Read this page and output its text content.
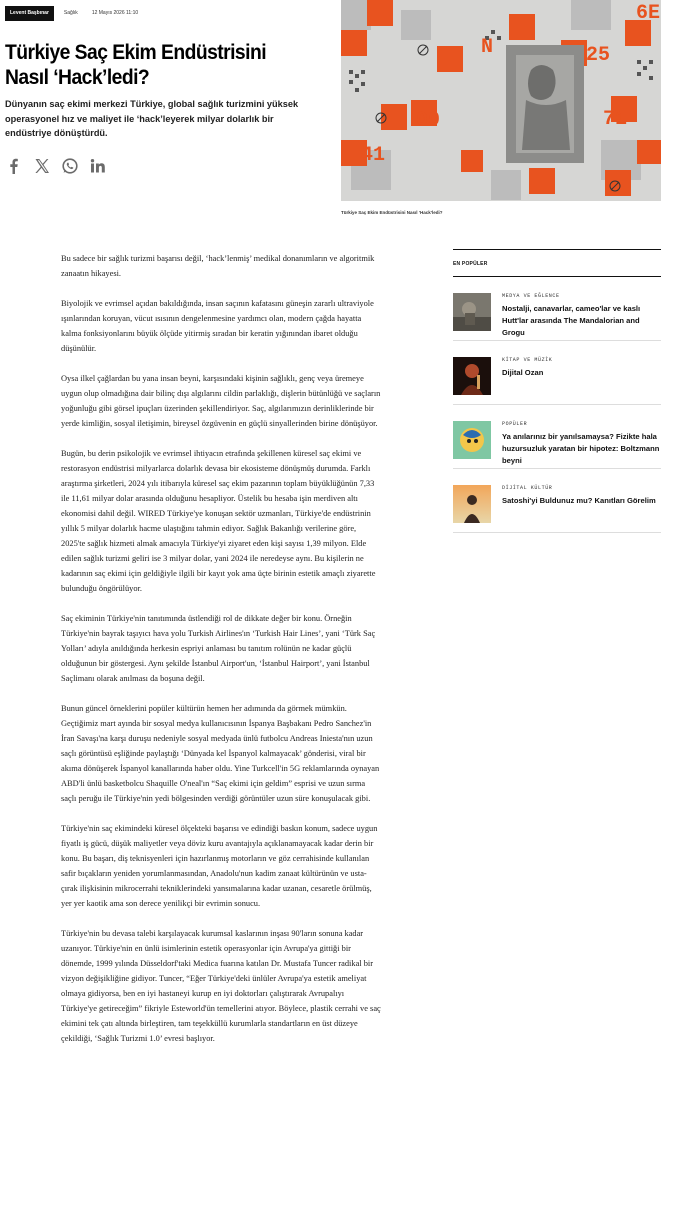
Levent Başbınar	Sağlık	12 Mayıs 2026 11:10
Türkiye Saç Ekim Endüstrisini Nasıl ‘Hack’ledi?

Dünyanın saç ekimi merkezi Türkiye, global sağlık turizmini yüksek operasyonel hız ve maliyet ile ‘hack’leyerek milyar dolarlık bir endüstriye dönüştürdü.

25
71
41
00
N
6E
Türkiye Saç Ekim Endüstrisini Nasıl ‘Hack’ledi?

Bu sadece bir sağlık turizmi başarısı değil, ‘hack’lenmiş’ medikal donanımların ve algoritmik zanaatın hikayesi.

Biyolojik ve evrimsel açıdan bakıldığında, insan saçının kafatasını güneşin zararlı ultraviyole ışınlarından koruyan, vücut ısısının dengelenmesine yardımcı olan, modern çağda hayatta kalma fonksiyonlarını büyük ölçüde yitirmiş sıradan bir keratin yığınından ibaret olduğu düşünülür.

Oysa ilkel çağlardan bu yana insan beyni, karşısındaki kişinin sağlıklı, genç veya üremeye uygun olup olmadığına dair bilinç dışı algılarını cildin parlaklığı, dişlerin bütünlüğü ve saçların yoğunluğu gibi görsel ipuçları üzerinden şekillendiriyor. Saç, algılarımızın derinliklerinde bir yerde kimliğin, sosyal iletişimin, bireysel özgüvenin en güçlü sinyallerinden birine dönüşüyor.

Bugün, bu derin psikolojik ve evrimsel ihtiyacın etrafında şekillenen küresel saç ekimi ve restorasyon endüstrisi milyarlarca dolarlık devasa bir ekosisteme dönüşmüş durumda. Farklı araştırma şirketleri, 2024 yılı itibarıyla küresel saç ekim pazarının toplam büyüklüğünün 7,33 ile 11,61 milyar dolar arasında olduğunu hesapliyor. Üstelik bu hesaba işin merdiven altı ekonomisi dahil değil. WIRED Türkiye'ye konuşan sektör uzmanları, Türkiye'de endüstrinin yıllık 5 milyar dolarlık hacme ulaştığını tahmin ediyor. Sağlık Bakanlığı verilerine göre, 2025'te sağlık hizmeti almak amacıyla Türkiye'yi ziyaret eden kişi sayısı 1,39 milyon. Elde edilen sağlık turizmi geliri ise 3 milyar dolar, yani 2024 ile neredeyse aynı. Bu kişilerin ne kadarının saç ekimi için geldiğiyle ilgili bir kayıt yok ama üçte birinin estetik amaçlı ziyarette bulunduğu öngörülüyor.

Saç ekiminin Türkiye'nin tanıtımında üstlendiği rol de dikkate değer bir konu. Örneğin Türkiye'nin bayrak taşıyıcı hava yolu Turkish Airlines'ın ‘Turkish Hair Lines’, yani ‘Türk Saç Yolları’ adıyla anıldığında herkesin espriyi anlaması bu tanıtım rolünün ne kadar güçlü olduğunun bir göstergesi. Aynı şekilde İstanbul Airport'un, ‘İstanbul Hairport’, yani İstanbul Saçlimanı olarak anılması da boşuna değil.

Bunun güncel örneklerini popüler kültürün hemen her adımında da görmek mümkün. Geçtiğimiz mart ayında bir sosyal medya kullanıcısının İspanya Başbakanı Pedro Sanchez'in İran Savaşı'na karşı duruşu nedeniyle sosyal medyada ünlü futbolcu Andreas Iniesta'nın uzun saçlı görüntüsü eşliğinde paylaştığı ‘Dünyada kel İspanyol kalmayacak’ gönderisi, viral bir akıma dönüşerek İspanyol kanallarında haber oldu. Yine Turkcell'in 5G reklamlarında oynayan ABD'li ünlü basketbolcu Shaquille O'neal'ın “Saç ekimi için geldim” esprisi ve uzun sırma saçlı peruğu ile Türkiye'nin yedi bölgesinden verdiği görüntüler uzun süre konuşulacak gibi.

Türkiye'nin saç ekimindeki küresel ölçekteki başarısı ve edindiği baskın konum, sadece uygun fiyatlı iş gücü, düşük maliyetler veya döviz kuru avantajıyla açıklanamayacak kadar derin bir konu. Bu başarı, diş teknisyenleri için hazırlanmış motorların ve göz cerrahisinde kullanılan safir bıçakların yeniden yorumlanmasından, Anadolu'nun kadim zanaat kültürünün ve usta-çırak ilişkisinin mikrocerrahi tekniklerindeki yansımalarına kadar uzanan, cesaretle örülmüş, yer yer kaotik ama son derece yenilikçi bir evrimin sonucu.

Türkiye'nin bu devasa talebi karşılayacak kurumsal kaslarının inşası 90'ların sonuna kadar uzanıyor. Türkiye'nin en ünlü isimlerinin estetik operasyonlar için Avrupa'ya gittiği bir dönemde, 1999 yılında Düsseldorf'taki Medica fuarına katılan Dr. Mustafa Tuncer radikal bir vizyon değişikliğine gidiyor. Tuncer, “Eğer Türkiye'deki ünlüler Avrupa'ya estetik ameliyat olmaya gidiyorsa, ben en iyi hastaneyi kurup en iyi doktorları çalıştırarak Avrupalıyı Türkiye'ye getireceğim” fikriyle Esteworld'ün temellerini atıyor. Böylece, plastik cerrahi ve saç ekimini tek çatı altında birleştiren, tam teşekküllü kurumlarla standartların en üst düzeye çekildiği, ‘Sağlık Turizmi 1.0’ evresi başlıyor.

EN POPÜLER
MEDYA VE EĞLENCE
Nostalji, canavarlar, cameo'lar ve kaslı Hutt'lar arasında The Mandalorian and Grogu
KİTAP VE MÜZİK
Dijital Ozan
POPÜLER
Ya anılarınız bir yanılsamaysa? Fizikte hala huzursuzluk yaratan bir hipotez: Boltzmann beyni
DİJİTAL KÜLTÜR
Satoshi'yi Buldunuz mu? Kanıtları Görelim
